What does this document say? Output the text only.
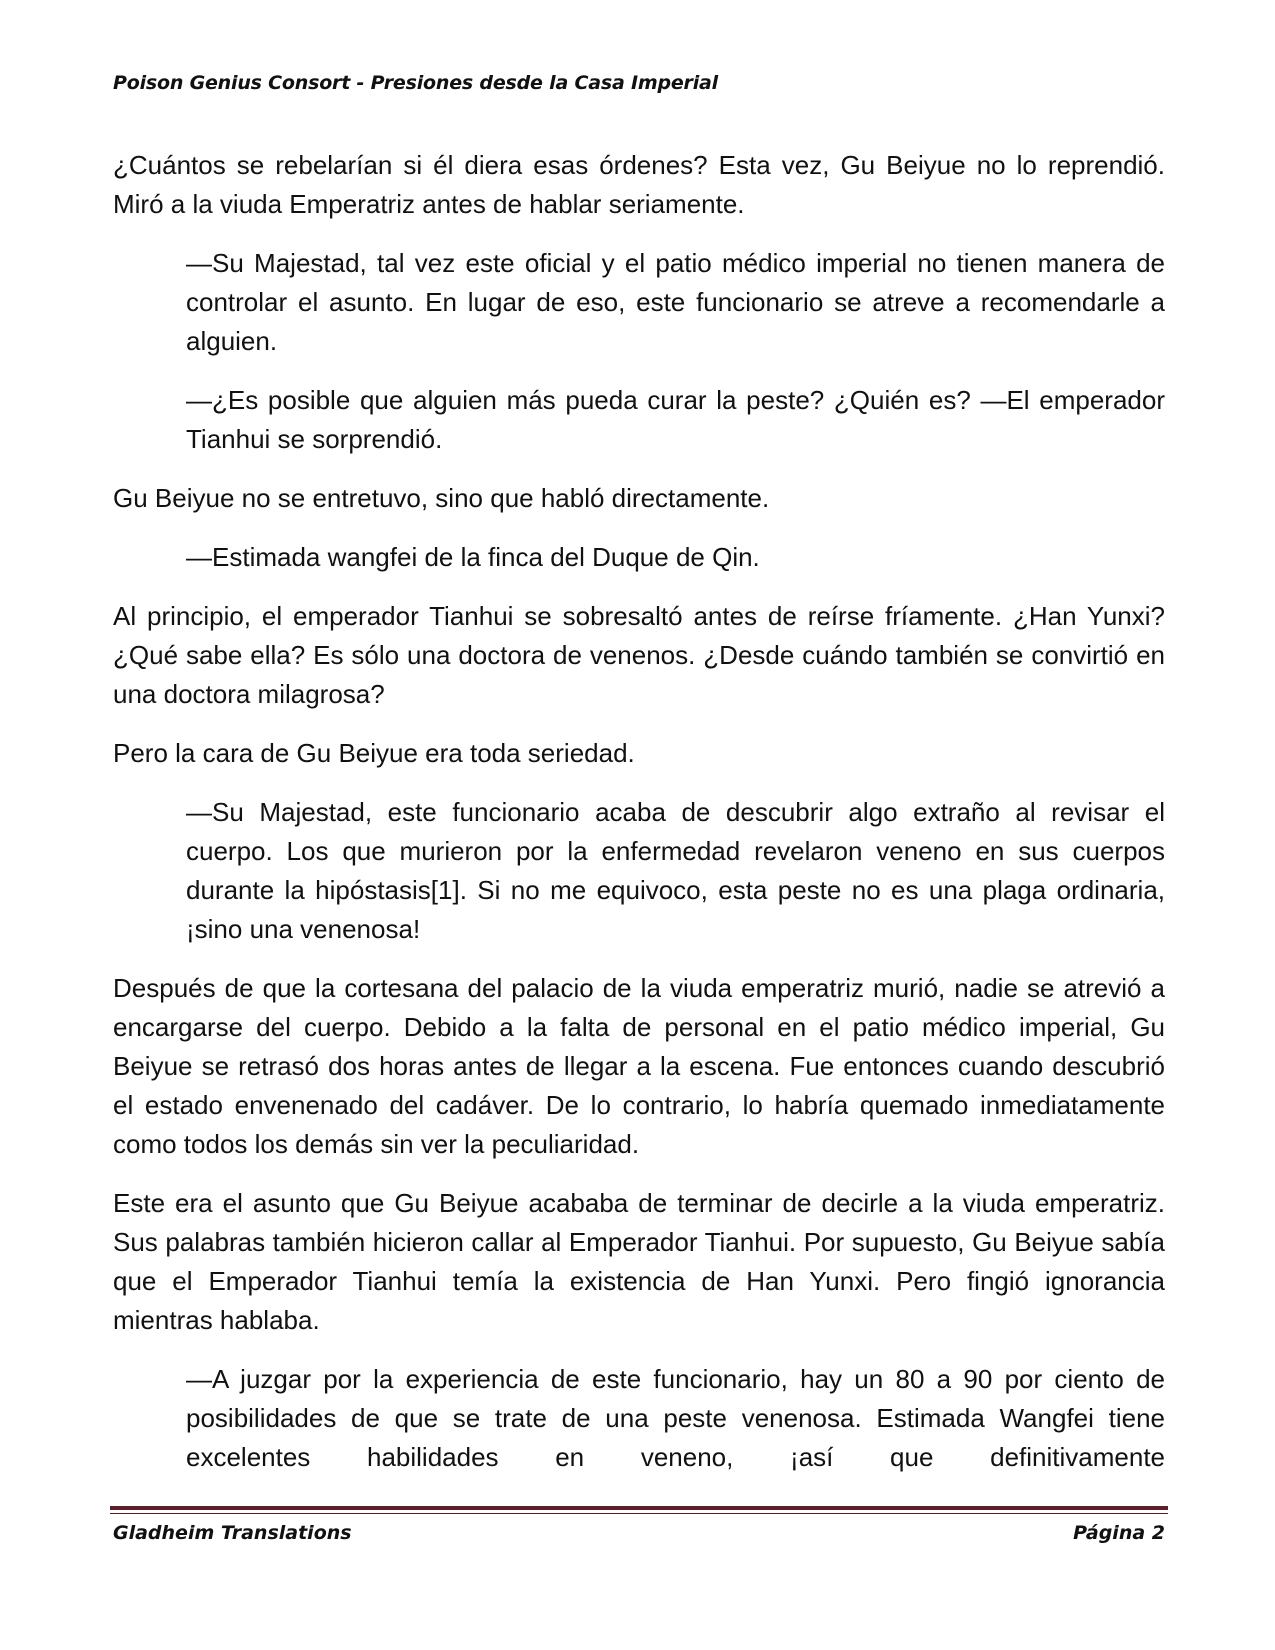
Poison Genius Consort - Presiones desde la Casa Imperial

¿Cuántos se rebelarían si él diera esas órdenes? Esta vez, Gu Beiyue no lo reprendió. Miró a la viuda Emperatriz antes de hablar seriamente.

—Su Majestad, tal vez este oficial y el patio médico imperial no tienen manera de controlar el asunto. En lugar de eso, este funcionario se atreve a recomendarle a alguien.

—¿Es posible que alguien más pueda curar la peste? ¿Quién es? —El emperador Tianhui se sorprendió.

Gu Beiyue no se entretuvo, sino que habló directamente.

—Estimada wangfei de la finca del Duque de Qin.

Al principio, el emperador Tianhui se sobresaltó antes de reírse fríamente. ¿Han Yunxi? ¿Qué sabe ella? Es sólo una doctora de venenos. ¿Desde cuándo también se convirtió en una doctora milagrosa?

Pero la cara de Gu Beiyue era toda seriedad.

—Su Majestad, este funcionario acaba de descubrir algo extraño al revisar el cuerpo. Los que murieron por la enfermedad revelaron veneno en sus cuerpos durante la hipóstasis[1]. Si no me equivoco, esta peste no es una plaga ordinaria, ¡sino una venenosa!

Después de que la cortesana del palacio de la viuda emperatriz murió, nadie se atrevió a encargarse del cuerpo. Debido a la falta de personal en el patio médico imperial, Gu Beiyue se retrasó dos horas antes de llegar a la escena. Fue entonces cuando descubrió el estado envenenado del cadáver. De lo contrario, lo habría quemado inmediatamente como todos los demás sin ver la peculiaridad.

Este era el asunto que Gu Beiyue acababa de terminar de decirle a la viuda emperatriz. Sus palabras también hicieron callar al Emperador Tianhui. Por supuesto, Gu Beiyue sabía que el Emperador Tianhui temía la existencia de Han Yunxi. Pero fingió ignorancia mientras hablaba.

—A juzgar por la experiencia de este funcionario, hay un 80 a 90 por ciento de posibilidades de que se trate de una peste venenosa. Estimada Wangfei tiene excelentes habilidades en veneno, ¡así que definitivamente

Gladheim Translations	Página 2
